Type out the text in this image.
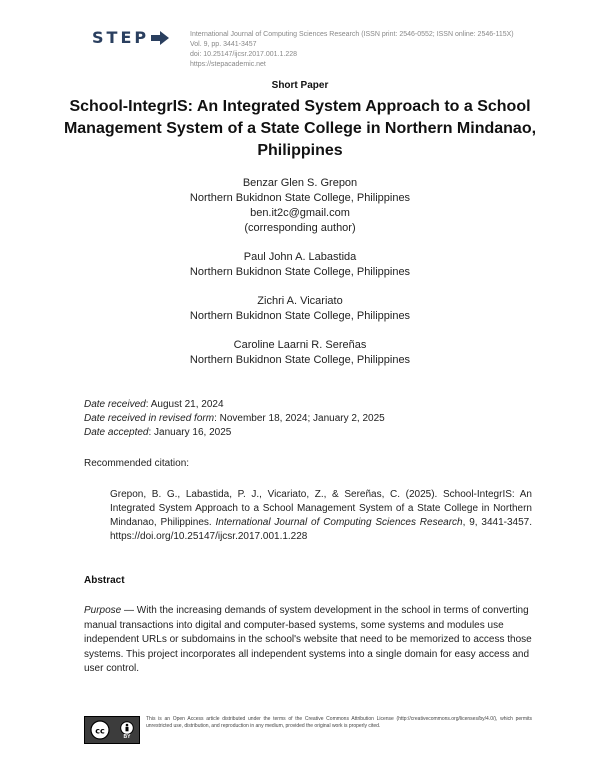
STEP	International Journal of Computing Sciences Research (ISSN print: 2546-0552; ISSN online: 2546-115X)
Vol. 9, pp. 3441-3457
doi: 10.25147/ijcsr.2017.001.1.228
https://stepacademic.net
Short Paper
School-IntegrIS: An Integrated System Approach to a School Management System of a State College in Northern Mindanao, Philippines
Benzar Glen S. Grepon
Northern Bukidnon State College, Philippines
ben.it2c@gmail.com
(corresponding author)
Paul John A. Labastida
Northern Bukidnon State College, Philippines
Zichri A. Vicariato
Northern Bukidnon State College, Philippines
Caroline Laarni R. Sereñas
Northern Bukidnon State College, Philippines
Date received: August 21, 2024
Date received in revised form: November 18, 2024; January 2, 2025
Date accepted: January 16, 2025
Recommended citation:
Grepon, B. G., Labastida, P. J., Vicariato, Z., & Sereñas, C. (2025). School-IntegrIS: An Integrated System Approach to a School Management System of a State College in Northern Mindanao, Philippines. International Journal of Computing Sciences Research, 9, 3441-3457. https://doi.org/10.25147/ijcsr.2017.001.1.228
Abstract
Purpose — With the increasing demands of system development in the school in terms of converting manual transactions into digital and computer-based systems, some systems and modules use independent URLs or subdomains in the school's website that need to be memorized to access those systems. This project incorporates all independent systems into a single domain for easy access and user control.
cc
BY
This is an Open Access article distributed under the terms of the Creative Commons Attribution License (http://creativecommons.org/licenses/by/4.0/), which permits unrestricted use, distribution, and reproduction in any medium, provided the original work is properly cited.
